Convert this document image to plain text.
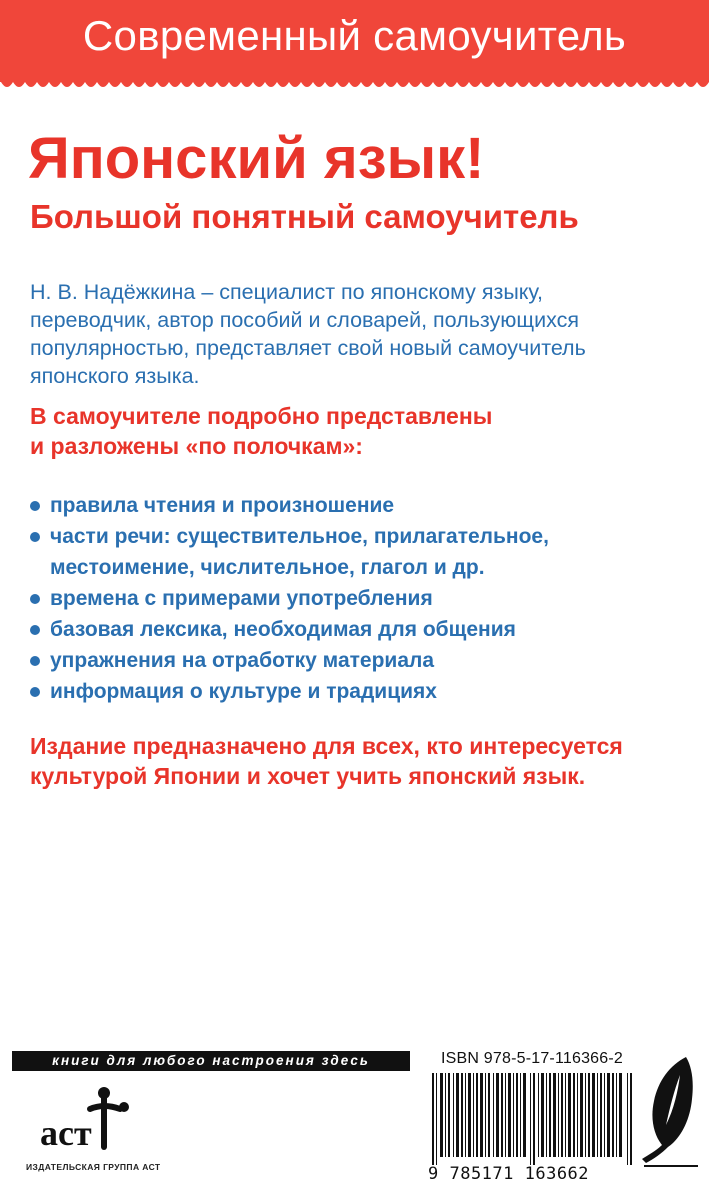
Современный самоучитель
Японский язык!
Большой понятный самоучитель

Н. В. Надёжкина – специалист по японскому языку,

переводчик, автор пособий и словарей, пользующихся

популярностью, представляет свой новый самоучитель

японского языка.

В самоучителе подробно представлены

и разложены «по полочкам»:

правила чтения и произношение
части речи: существительное, прилагательное,
местоимение, числительное, глагол и др.
времена с примерами употребления
базовая лексика, необходимая для общения
упражнения на отработку материала
информация о культуре и традициях

Издание предназначено для всех, кто интересуется

культурой Японии и хочет учить японский язык.

книги для любого настроения здесь
аст
ИЗДАТЕЛЬСКАЯ ГРУППА АСТ
ISBN 978-5-17-116366-2
9 785171 163662
